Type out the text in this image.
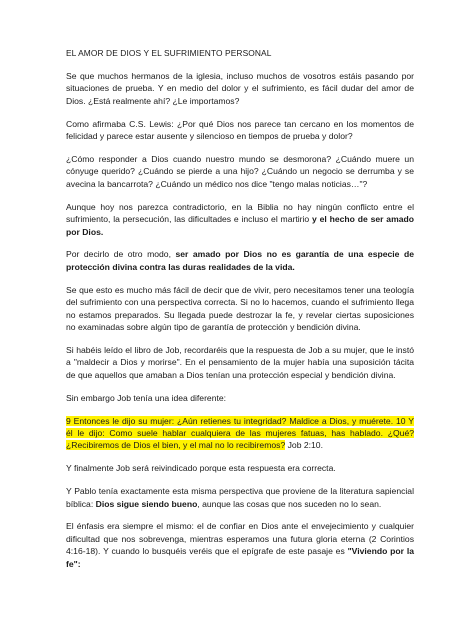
EL AMOR DE DIOS Y EL SUFRIMIENTO PERSONAL

Se que muchos hermanos de la iglesia, incluso muchos de vosotros estáis pasando por situaciones de prueba. Y en medio del dolor y el sufrimiento, es fácil dudar del amor de Dios. ¿Está realmente ahí? ¿Le importamos?

Como afirmaba C.S. Lewis: ¿Por qué Dios nos parece tan cercano en los momentos de felicidad y parece estar ausente y silencioso en tiempos de prueba y dolor?

¿Cómo responder a Dios cuando nuestro mundo se desmorona? ¿Cuándo muere un cónyuge querido? ¿Cuándo se pierde a una hijo? ¿Cuándo un negocio se derrumba y se avecina la bancarrota? ¿Cuándo un médico nos dice "tengo malas noticias…"?

Aunque hoy nos parezca contradictorio, en la Biblia no hay ningún conflicto entre el sufrimiento, la persecución, las dificultades e incluso el martirio y el hecho de ser amado por Dios.

Por decirlo de otro modo, ser amado por Dios no es garantía de una especie de protección divina contra las duras realidades de la vida.

Se que esto es mucho más fácil de decir que de vivir, pero necesitamos tener una teología del sufrimiento con una perspectiva correcta. Si no lo hacemos, cuando el sufrimiento llega no estamos preparados. Su llegada puede destrozar la fe, y revelar ciertas suposiciones no examinadas sobre algún tipo de garantía de protección y bendición divina.

Si habéis leído el libro de Job, recordaréis que la respuesta de Job a su mujer, que le instó a "maldecir a Dios y morirse". En el pensamiento de la mujer había una suposición tácita de que aquellos que amaban a Dios tenían una protección especial y bendición divina.

Sin embargo Job tenía una idea diferente:

9 Entonces le dijo su mujer: ¿Aún retienes tu integridad? Maldice a Dios, y muérete. 10 Y él le dijo: Como suele hablar cualquiera de las mujeres fatuas, has hablado. ¿Qué? ¿Recibiremos de Dios el bien, y el mal no lo recibiremos? Job 2:10.

Y finalmente Job será reivindicado porque esta respuesta era correcta.

Y Pablo tenía exactamente esta misma perspectiva que proviene de la literatura sapiencial bíblica: Dios sigue siendo bueno, aunque las cosas que nos suceden no lo sean.

El énfasis era siempre el mismo: el de confiar en Dios ante el envejecimiento y cualquier dificultad que nos sobrevenga, mientras esperamos una futura gloria eterna (2 Corintios 4:16-18). Y cuando lo busquéis veréis que el epígrafe de este pasaje es "Viviendo por la fe":
